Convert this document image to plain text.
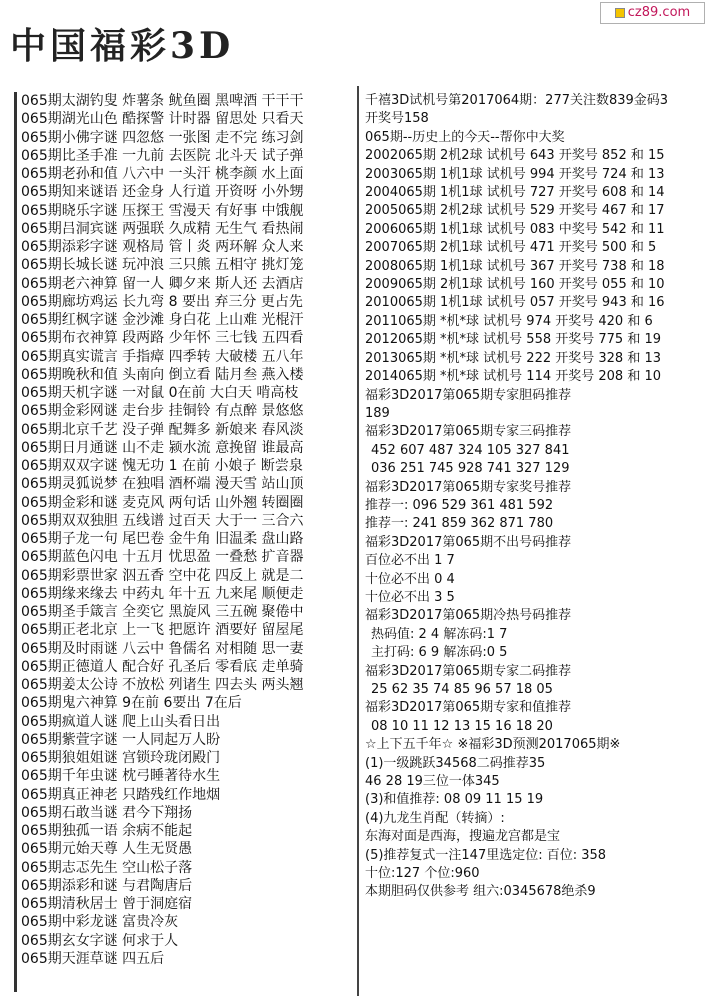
中国福彩3D
cz89.com
065期太湖钓叟 炸薯条 鱿鱼圈 黑啤酒 干干干
065期湖光山色 酷探警 计时器 留思处 只看天
065期小佛字谜 四忽悠 一张图 走不完 练习剑
065期比圣手准 一九前 去医院 北斗天 试子弹
065期老孙和值 八六中 一头汗 桃李颜 水上面
065期知来谜语 还金身 人行道 开资呀 小外甥
065期晓乐字谜 压探王 雪漫天 有好事 中饿舰
065期吕洞宾谜 两强联 久成精 无生气 看热闹
065期添彩字谜 观格局 管丨炎 两环解 众人来
065期长城长谜 玩冲浪 三只熊 五相守 挑灯笼
065期老六神算 留一人 卿夕来 斯人还 去酒店
065期廊坊鸡运 长九弯 8 要出 弃三分 更占先
065期红枫字谜 金沙滩 身白花 上山难 光棍汗
065期布衣神算 段两路 少年怀 三七钱 五四看
065期真实谎言 手指瘴 四季转 大破楼 五八年
065期晚秋和值 头南向 倒立看 陆月叁 燕入楼
065期天机字谜 一对鼠 0在前 大白天 啃高枝
065期金彩网谜 走台步 挂铜铃 有点醉 景悠悠
065期北京千艺 没子弹 配舞多 新娘来 春风淡
065期日月通谜 山不走 颍水流 意挽留 谁最高
065期双双字谜 愧无功 1 在前 小娘子 断尝泉
065期灵狐说梦 在独唱 酒杯端 漫天雪 站山顶
065期金彩和谜 麦克风 两句话 山外翘 转圈圈
065期双双独胆 五线谱 过百天 大于一 三合六
065期子龙一句 尾巴卷 金牛角 旧温柔 盘山路
065期蓝色闪电 十五月 忧思盈 一叠愁 扩音器
065期彩票世家 泅五香 空中花 四反上 就是二
065期缘来缘去 中药丸 年十五 九来尾 顺便走
065期圣手箴言 全奕它 黑旋风 三五碗 聚倦中
065期正老北京 上一飞 把愿许 酒要好 留屋尾
065期及时雨谜 八云中 鲁儒名 对相随 思一妻
065期正德道人 配合好 孔圣后 零看底 走单骑
065期姜太公诗 不放松 列诸生 四去头 两头翘
065期鬼六神算 9在前 6要出 7在后
065期疯道人谜 爬上山头看日出
065期紫萱字谜 一人同起万人盼
065期狼姐姐谜 宫锁玲珑闭殿门
065期千年虫谜 枕弓睡著待水生
065期真正神老 只踏残红作地烟
065期石敢当谜 君今下翔扬
065期独孤一语 余病不能起
065期元始天尊 人生无贤愚
065期志忑先生 空山松子落
065期添彩和谜 与君陶唐后
065期清秋居士 曾于洞庭宿
065期中彩龙谜 富贵冷灰
065期玄女字谜 何求于人
065期天涯草谜 四五后
千禧3D试机号第2017064期：277关注数839金码3
开奖号158
065期--历史上的今天--帮你中大奖
2002065期 2机2球 试机号 643 开奖号 852 和 15
2003065期 1机1球 试机号 994 开奖号 724 和 13
2004065期 1机1球 试机号 727 开奖号 608 和 14
2005065期 2机2球 试机号 529 开奖号 467 和 17
2006065期 1机1球 试机号 083 中奖号 542 和 11
2007065期 2机1球 试机号 471 开奖号 500 和 5
2008065期 1机1球 试机号 367 开奖号 738 和 18
2009065期 2机1球 试机号 160 开奖号 055 和 10
2010065期 1机1球 试机号 057 开奖号 943 和 16
2011065期 *机*球 试机号 974 开奖号 420 和 6
2012065期 *机*球 试机号 558 开奖号 775 和 19
2013065期 *机*球 试机号 222 开奖号 328 和 13
2014065期 *机*球 试机号 114 开奖号 208 和 10
福彩3D2017第065期专家胆码推荐
189
福彩3D2017第065期专家三码推荐
452 607 487 324 105 327 841
036 251 745 928 741 327 129
福彩3D2017第065期专家奖号推荐
推荐一: 096 529 361 481 592
推荐一: 241 859 362 871 780
福彩3D2017第065期不出号码推荐
百位必不出 1 7
十位必不出 0 4
十位必不出 3 5
福彩3D2017第065期冷热号码推荐
热码值: 2 4 解冻码:1 7
主打码: 6 9 解冻码:0 5
福彩3D2017第065期专家二码推荐
25 62 35 74 85 96 57 18 05
福彩3D2017第065期专家和值推荐
08 10 11 12 13 15 16 18 20
☆上下五千年☆ ※福彩3D预测2017065期※
(1)一级跳跃34568二码推荐35
46 28 19三位一体345
(3)和值推荐: 08 09 11 15 19
(4)九龙生肖配（转摘）:
东海对面是西海，搜遍龙宫都是宝
(5)推荐复式一注147里选定位: 百位: 358
十位:127 个位:960
本期胆码仅供参考 组六:0345678绝杀9
